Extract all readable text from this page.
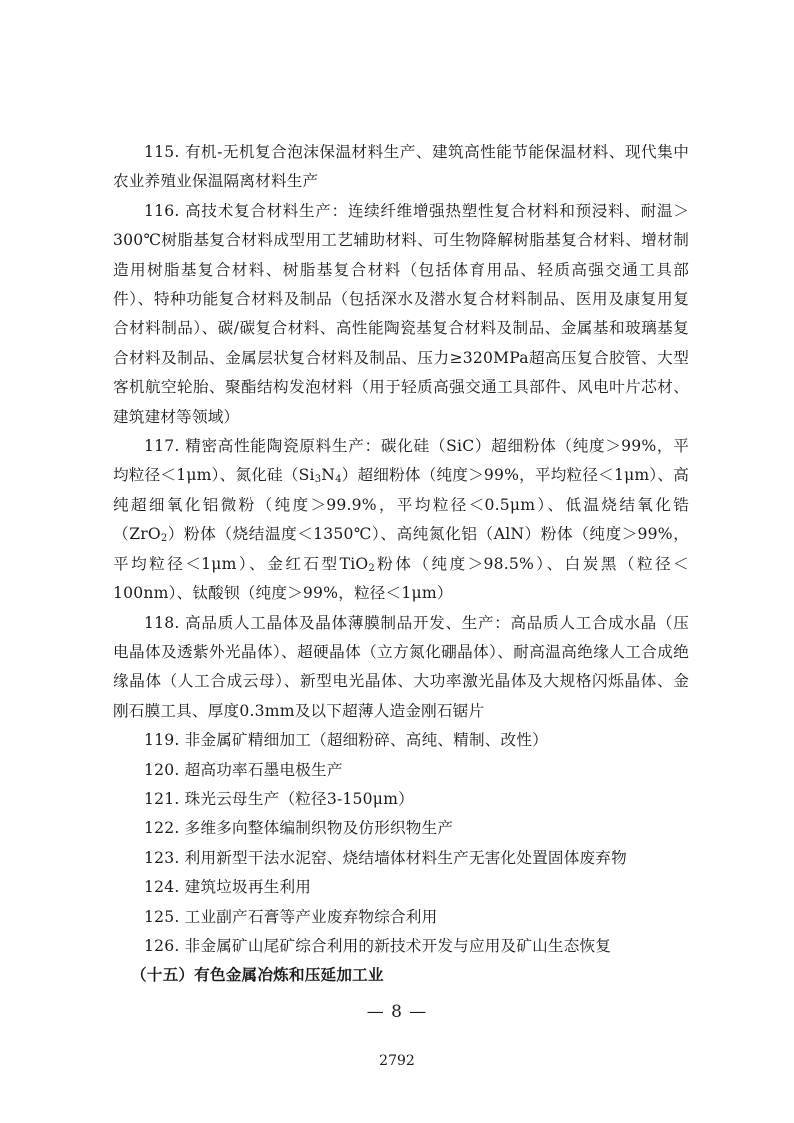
115. 有机-无机复合泡沫保温材料生产、建筑高性能节能保温材料、现代集中农业养殖业保温隔离材料生产

116. 高技术复合材料生产：连续纤维增强热塑性复合材料和预浸料、耐温＞300℃树脂基复合材料成型用工艺辅助材料、可生物降解树脂基复合材料、增材制造用树脂基复合材料、树脂基复合材料（包括体育用品、轻质高强交通工具部件）、特种功能复合材料及制品（包括深水及潜水复合材料制品、医用及康复用复合材料制品）、碳/碳复合材料、高性能陶瓷基复合材料及制品、金属基和玻璃基复合材料及制品、金属层状复合材料及制品、压力≥320MPa超高压复合胶管、大型客机航空轮胎、聚酯结构发泡材料（用于轻质高强交通工具部件、风电叶片芯材、建筑建材等领域）

117. 精密高性能陶瓷原料生产：碳化硅（SiC）超细粉体（纯度＞99%，平均粒径＜1μm）、氮化硅$(Si_3N_4)$超细粉体（纯度＞99%，平均粒径＜1μm）、高纯超细氧化铝微粉（纯度＞99.9%，平均粒径＜0.5μm）、低温烧结氧化锆（ZrO$_2$）粉体（烧结温度＜1350℃）、高纯氮化铝（AlN）粉体（纯度＞99%，平均粒径＜1μm）、金红石型TiO$_2$粉体（纯度＞98.5%）、白炭黑（粒径＜100nm）、钛酸钡（纯度＞99%，粒径＜1μm）

118. 高品质人工晶体及晶体薄膜制品开发、生产：高品质人工合成水晶（压电晶体及透紫外光晶体）、超硬晶体（立方氮化硼晶体）、耐高温高绝缘人工合成绝缘晶体（人工合成云母）、新型电光晶体、大功率激光晶体及大规格闪烁晶体、金刚石膜工具、厚度0.3mm及以下超薄人造金刚石锯片

119. 非金属矿精细加工（超细粉碎、高纯、精制、改性）

120. 超高功率石墨电极生产

121. 珠光云母生产（粒径3-150μm）

122. 多维多向整体编制织物及仿形织物生产

123. 利用新型干法水泥窑、烧结墙体材料生产无害化处置固体废弃物

124. 建筑垃圾再生利用

125. 工业副产石膏等产业废弃物综合利用

126. 非金属矿山尾矿综合利用的新技术开发与应用及矿山生态恢复

（十五）有色金属冶炼和压延加工业

— 8 —
2792
